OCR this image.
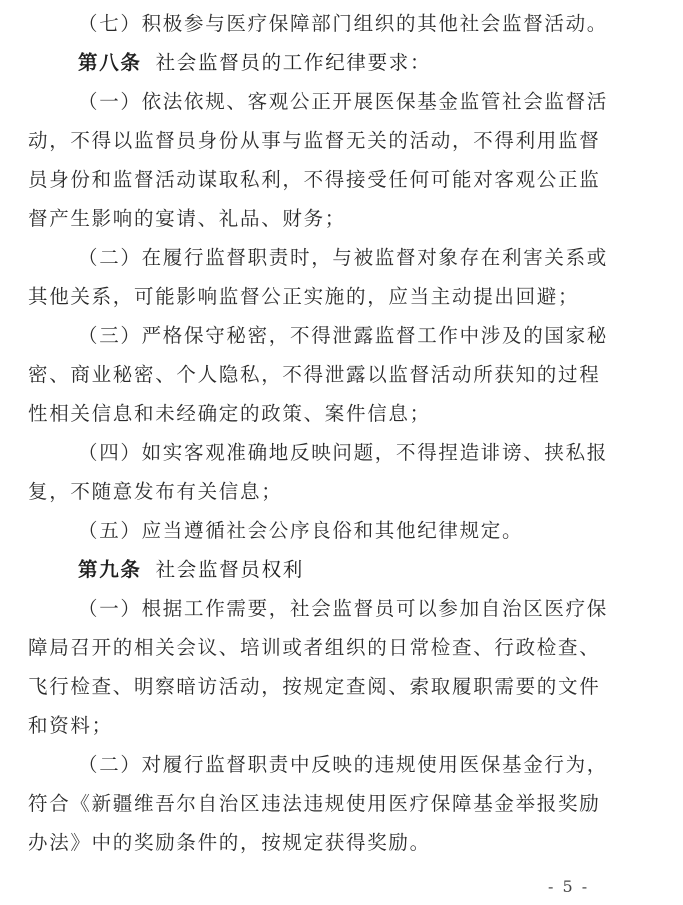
（七）积极参与医疗保障部门组织的其他社会监督活动。
第八条 社会监督员的工作纪律要求：
（一）依法依规、客观公正开展医保基金监管社会监督活
动，不得以监督员身份从事与监督无关的活动，不得利用监督
员身份和监督活动谋取私利，不得接受任何可能对客观公正监
督产生影响的宴请、礼品、财务；
（二）在履行监督职责时，与被监督对象存在利害关系或
其他关系，可能影响监督公正实施的，应当主动提出回避；
（三）严格保守秘密，不得泄露监督工作中涉及的国家秘
密、商业秘密、个人隐私，不得泄露以监督活动所获知的过程
性相关信息和未经确定的政策、案件信息；
（四）如实客观准确地反映问题，不得捏造诽谤、挟私报
复，不随意发布有关信息；
（五）应当遵循社会公序良俗和其他纪律规定。
第九条 社会监督员权利
（一）根据工作需要，社会监督员可以参加自治区医疗保
障局召开的相关会议、培训或者组织的日常检查、行政检查、
飞行检查、明察暗访活动，按规定查阅、索取履职需要的文件
和资料；
（二）对履行监督职责中反映的违规使用医保基金行为，
符合《新疆维吾尔自治区违法违规使用医疗保障基金举报奖励
办法》中的奖励条件的，按规定获得奖励。
- 5 -
